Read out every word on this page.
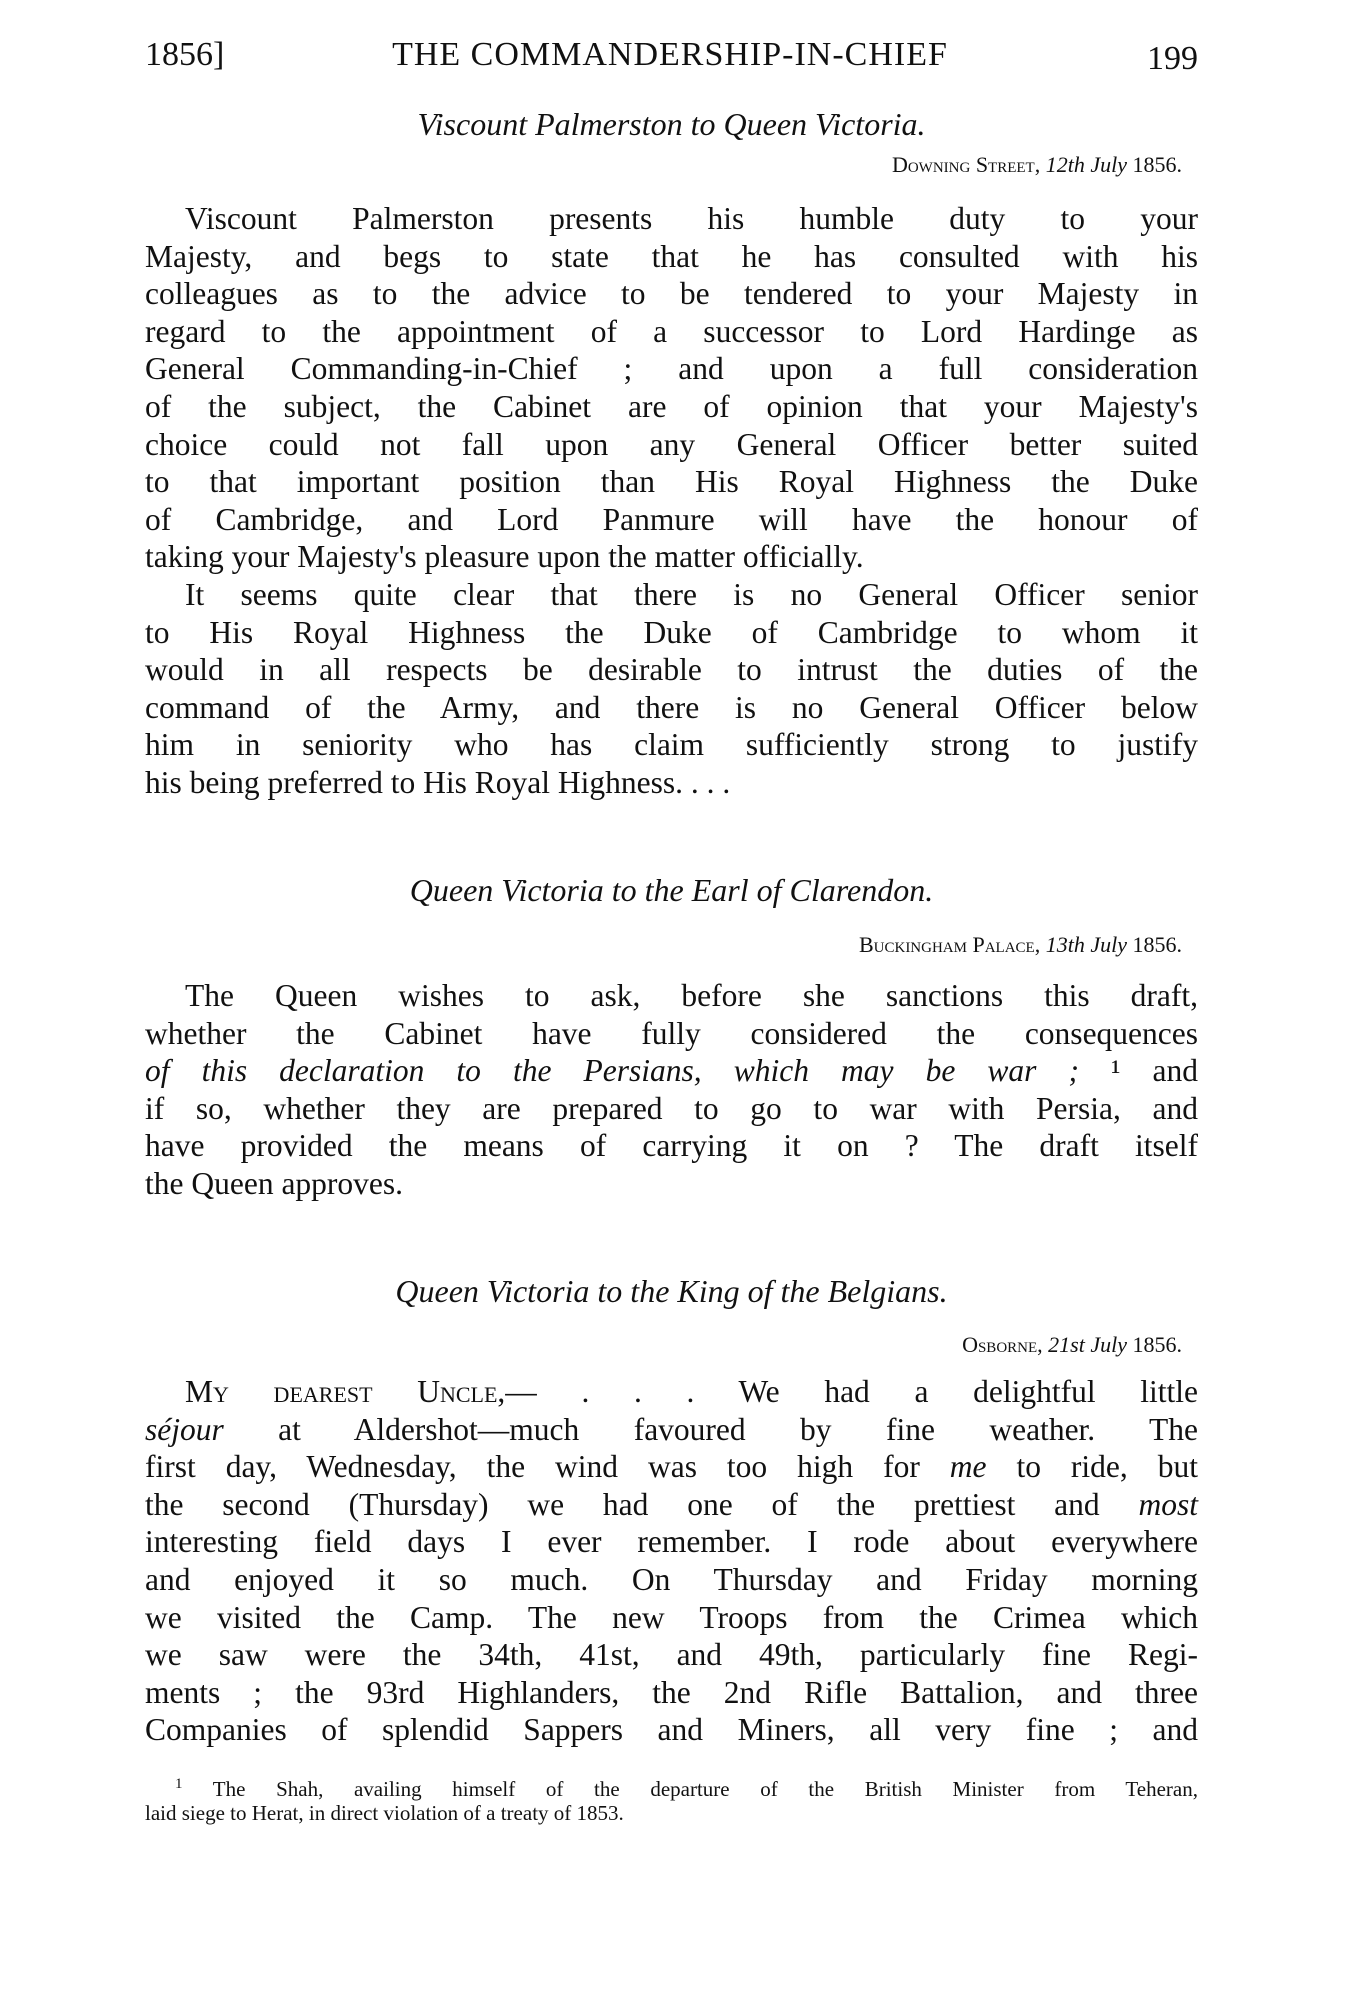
1856]	THE COMMANDERSHIP-IN-CHIEF	199
Viscount Palmerston to Queen Victoria.
Downing Street, 12th July 1856.
Viscount Palmerston presents his humble duty to your
Majesty, and begs to state that he has consulted with his
colleagues as to the advice to be tendered to your Majesty in
regard to the appointment of a successor to Lord Hardinge as
General Commanding-in-Chief ; and upon a full consideration
of the subject, the Cabinet are of opinion that your Majesty's
choice could not fall upon any General Officer better suited
to that important position than His Royal Highness the Duke
of Cambridge, and Lord Panmure will have the honour of
taking your Majesty's pleasure upon the matter officially.
It seems quite clear that there is no General Officer senior
to His Royal Highness the Duke of Cambridge to whom it
would in all respects be desirable to intrust the duties of the
command of the Army, and there is no General Officer below
him in seniority who has claim sufficiently strong to justify
his being preferred to His Royal Highness. . . .
Queen Victoria to the Earl of Clarendon.
Buckingham Palace, 13th July 1856.
The Queen wishes to ask, before she sanctions this draft,
whether the Cabinet have fully considered the consequences
of this declaration to the Persians, which may be war ; ¹ and
if so, whether they are prepared to go to war with Persia, and
have provided the means of carrying it on ? The draft itself
the Queen approves.
Queen Victoria to the King of the Belgians.
Osborne, 21st July 1856.
My dearest Uncle,— . . . We had a delightful little
séjour at Aldershot—much favoured by fine weather. The
first day, Wednesday, the wind was too high for me to ride, but
the second (Thursday) we had one of the prettiest and most
interesting field days I ever remember. I rode about everywhere
and enjoyed it so much. On Thursday and Friday morning
we visited the Camp. The new Troops from the Crimea which
we saw were the 34th, 41st, and 49th, particularly fine Regi-
ments ; the 93rd Highlanders, the 2nd Rifle Battalion, and three
Companies of splendid Sappers and Miners, all very fine ; and
$^1$ The Shah, availing himself of the departure of the British Minister from Teheran,
laid siege to Herat, in direct violation of a treaty of 1853.
